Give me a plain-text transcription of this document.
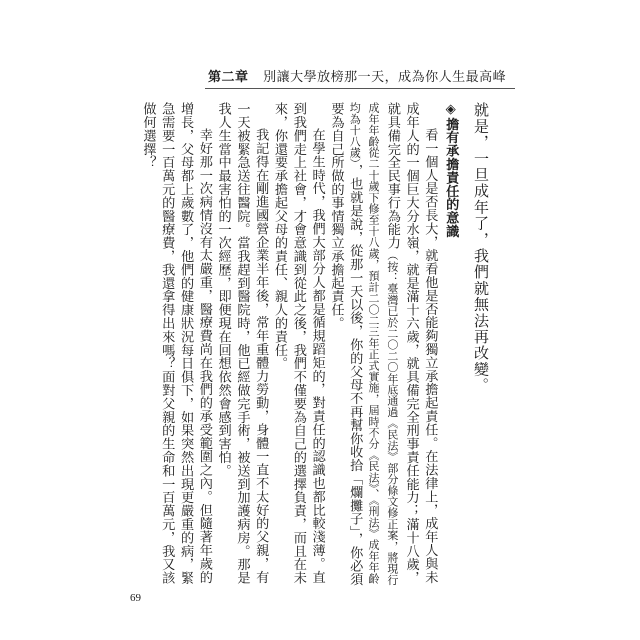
第二章 別讓大學放榜那一天，成為你人生最高峰

就是，一旦成年了，我們就無法再改變。

◈擔有承擔責任的意識

看一個人是否長大，就看他是否能夠獨立承擔起責任。在法律上，成年人與未成年人的一個巨大分水嶺，就是滿十六歲，就具備完全刑事責任能力；滿十八歲，就具備完全民事行為能力（按：臺灣已於二〇二〇年底通過《民法》部分條文修正案，將現行成年年齡從二十歲下修至十八歲，預計二〇二三年正式實施，屆時不分《民法》、《刑法》成年年齡均為十八歲），也就是說，從那一天以後，你的父母不再幫你收拾「爛攤子」，你必須要為自己所做的事情獨立承擔起責任。

在學生時代，我們大部分人都是循規蹈矩的，對責任的認識也都比較淺薄。直到我們走上社會，才會意識到從此之後，我們不僅要為自己的選擇負責，而且在未來，你還要承擔起父母的責任、親人的責任。

我記得在剛進國營企業半年後，常年重體力勞動，身體一直不太好的父親，有一天被緊急送往醫院。當我趕到醫院時，他已經做完手術，被送到加護病房。那是我人生當中最害怕的一次經歷，即便現在回想依然會感到害怕。

幸好那一次病情沒有太嚴重，醫療費尚在我們的承受範圍之內。但隨著年歲的增長，父母都上歲數了，他們的健康狀況每日俱下，如果突然出現更嚴重的病，緊急需要一百萬元的醫療費，我還拿得出來嗎？面對父親的生命和一百萬元，我又該做何選擇？

69
